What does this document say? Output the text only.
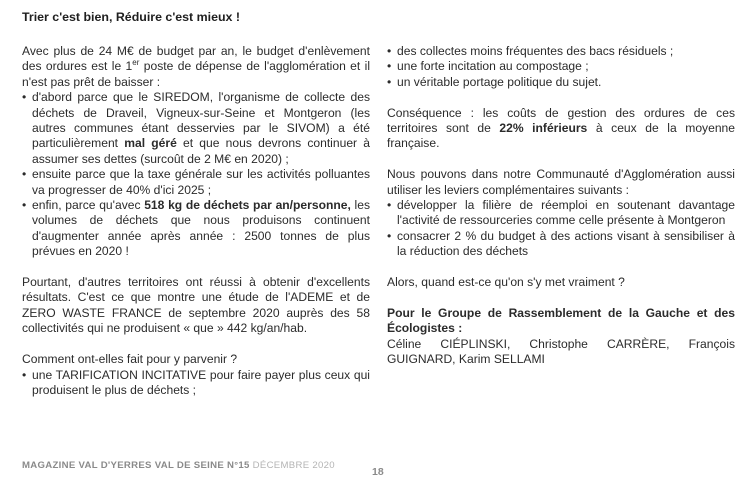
Trier c'est bien, Réduire c'est mieux !

Avec plus de 24 M€ de budget par an, le budget d'enlèvement des ordures est le 1er poste de dépense de l'agglomération et il n'est pas prêt de baisser :

• d'abord parce que le SIREDOM, l'organisme de collecte des déchets de Draveil, Vigneux-sur-Seine et Montgeron (les autres communes étant desservies par le SIVOM) a été particulièrement mal géré et que nous devrons continuer à assumer ses dettes (surcoût de 2 M€ en 2020) ;
• ensuite parce que la taxe générale sur les activités polluantes va progresser de 40% d'ici 2025 ;
• enfin, parce qu'avec 518 kg de déchets par an/personne, les volumes de déchets que nous produisons continuent d'augmenter année après année : 2500 tonnes de plus prévues en 2020 !

Pourtant, d'autres territoires ont réussi à obtenir d'excellents résultats. C'est ce que montre une étude de l'ADEME et de ZERO WASTE FRANCE de septembre 2020 auprès des 58 collectivités qui ne produisent « que » 442 kg/an/hab.

Comment ont-elles fait pour y parvenir ?

• une TARIFICATION INCITATIVE pour faire payer plus ceux qui produisent le plus de déchets ;
• des collectes moins fréquentes des bacs résiduels ;
• une forte incitation au compostage ;
• un véritable portage politique du sujet.

Conséquence : les coûts de gestion des ordures de ces territoires sont de 22% inférieurs à ceux de la moyenne française.

Nous pouvons dans notre Communauté d'Agglomération aussi utiliser les leviers complémentaires suivants :

• développer la filière de réemploi en soutenant davantage l'activité de ressourceries comme celle présente à Montgeron
• consacrer 2 % du budget à des actions visant à sensibiliser à la réduction des déchets

Alors, quand est-ce qu'on s'y met vraiment ?

Pour le Groupe de Rassemblement de la Gauche et des Écologistes :

Céline CIÉPLINSKI, Christophe CARRÈRE, François GUIGNARD, Karim SELLAMI

MAGAZINE VAL D'YERRES VAL DE SEINE N°15 DÉCEMBRE 2020
18
